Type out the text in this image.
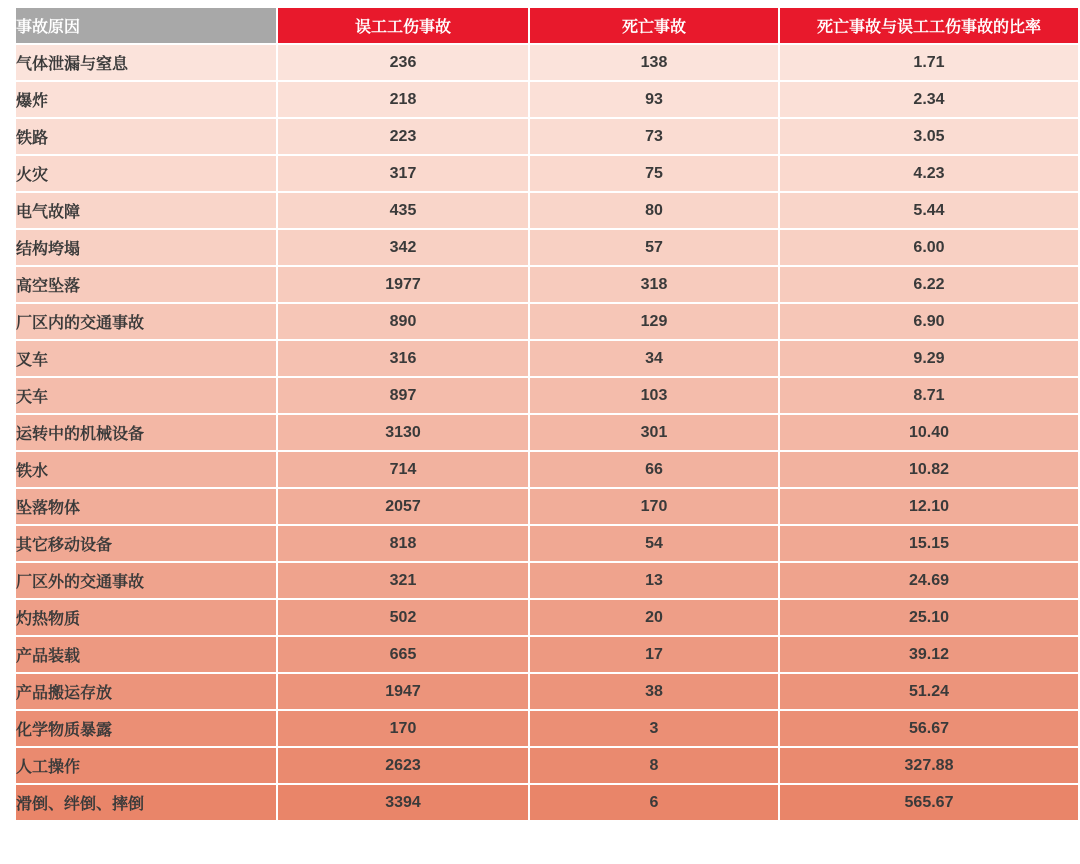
事故原因	误工工伤事故	死亡事故	死亡事故与误工工伤事故的比率
气体泄漏与窒息	236	138	1.71
爆炸	218	93	2.34
铁路	223	73	3.05
火灾	317	75	4.23
电气故障	435	80	5.44
结构垮塌	342	57	6.00
高空坠落	1977	318	6.22
厂区内的交通事故	890	129	6.90
叉车	316	34	9.29
天车	897	103	8.71
运转中的机械设备	3130	301	10.40
铁水	714	66	10.82
坠落物体	2057	170	12.10
其它移动设备	818	54	15.15
厂区外的交通事故	321	13	24.69
灼热物质	502	20	25.10
产品装载	665	17	39.12
产品搬运存放	1947	38	51.24
化学物质暴露	170	3	56.67
人工操作	2623	8	327.88
滑倒、绊倒、摔倒	3394	6	565.67
